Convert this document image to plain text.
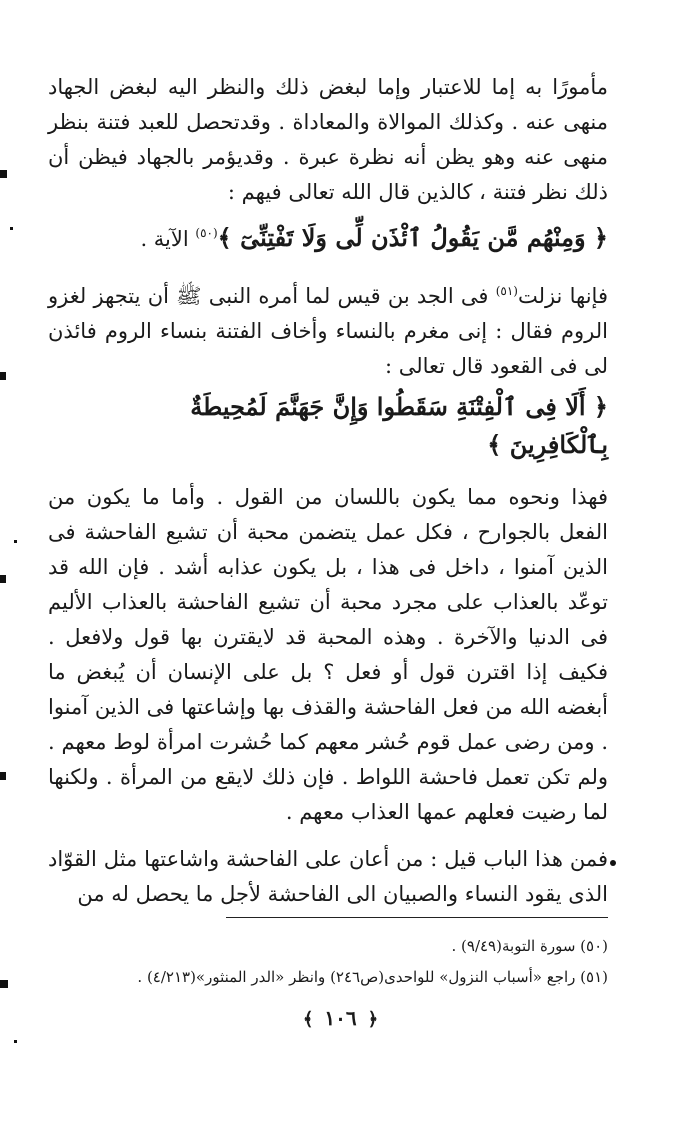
مأمورًا به إما للاعتبار وإما لبغض ذلك والنظر اليه لبغض الجهاد منهى عنه . وكذلك الموالاة والمعاداة . وقدتحصل للعبد فتنة بنظر منهى عنه وهو يظن أنه نظرة عبرة . وقديؤمر بالجهاد فيظن أن ذلك نظر فتنة ، كالذين قال الله تعالى فيهم :

﴿ وَمِنْهُم مَّن يَقُولُ ٱئْذَن لِّى وَلَا تَفْتِنِّىٓ ﴾$^{(٥٠)}$ الآية .

فإنها نزلت$^{(٥١)}$ فى الجد بن قيس لما أمره النبى ﷺ أن يتجهز لغزو الروم فقال : إنى مغرم بالنساء وأخاف الفتنة بنساء الروم فائذن لى فى القعود قال تعالى :

﴿ أَلَا فِى ٱلْفِتْنَةِ سَقَطُوا وَإِنَّ جَهَنَّمَ لَمُحِيطَةٌ
بِٱلْكَافِرِينَ ﴾

فهذا ونحوه مما يكون باللسان من القول . وأما ما يكون من الفعل بالجوارح ، فكل عمل يتضمن محبة أن تشيع الفاحشة فى الذين آمنوا ، داخل فى هذا ، بل يكون عذابه أشد . فإن الله قد توعّد بالعذاب على مجرد محبة أن تشيع الفاحشة بالعذاب الأليم فى الدنيا والآخرة . وهذه المحبة قد لايقترن بها قول ولافعل . فكيف إذا اقترن قول أو فعل ؟ بل على الإنسان أن يُبغض ما أبغضه الله من فعل الفاحشة والقذف بها وإشاعتها فى الذين آمنوا . ومن رضى عمل قوم حُشر معهم كما حُشرت امرأة لوط معهم . ولم تكن تعمل فاحشة اللواط . فإن ذلك لايقع من المرأة . ولكنها لما رضيت فعلهم عمها العذاب معهم .

فمن هذا الباب قيل : من أعان على الفاحشة واشاعتها مثل القوّاد الذى يقود النساء والصبيان الى الفاحشة لأجل ما يحصل له من

(٥٠) سورة التوبة(٩/٤٩) .
(٥١) راجع «أسباب النزول» للواحدى(ص٢٤٦) وانظر «الدر المنثور»(٤/٢١٣) .
﴾ ١٠٦ ﴿
